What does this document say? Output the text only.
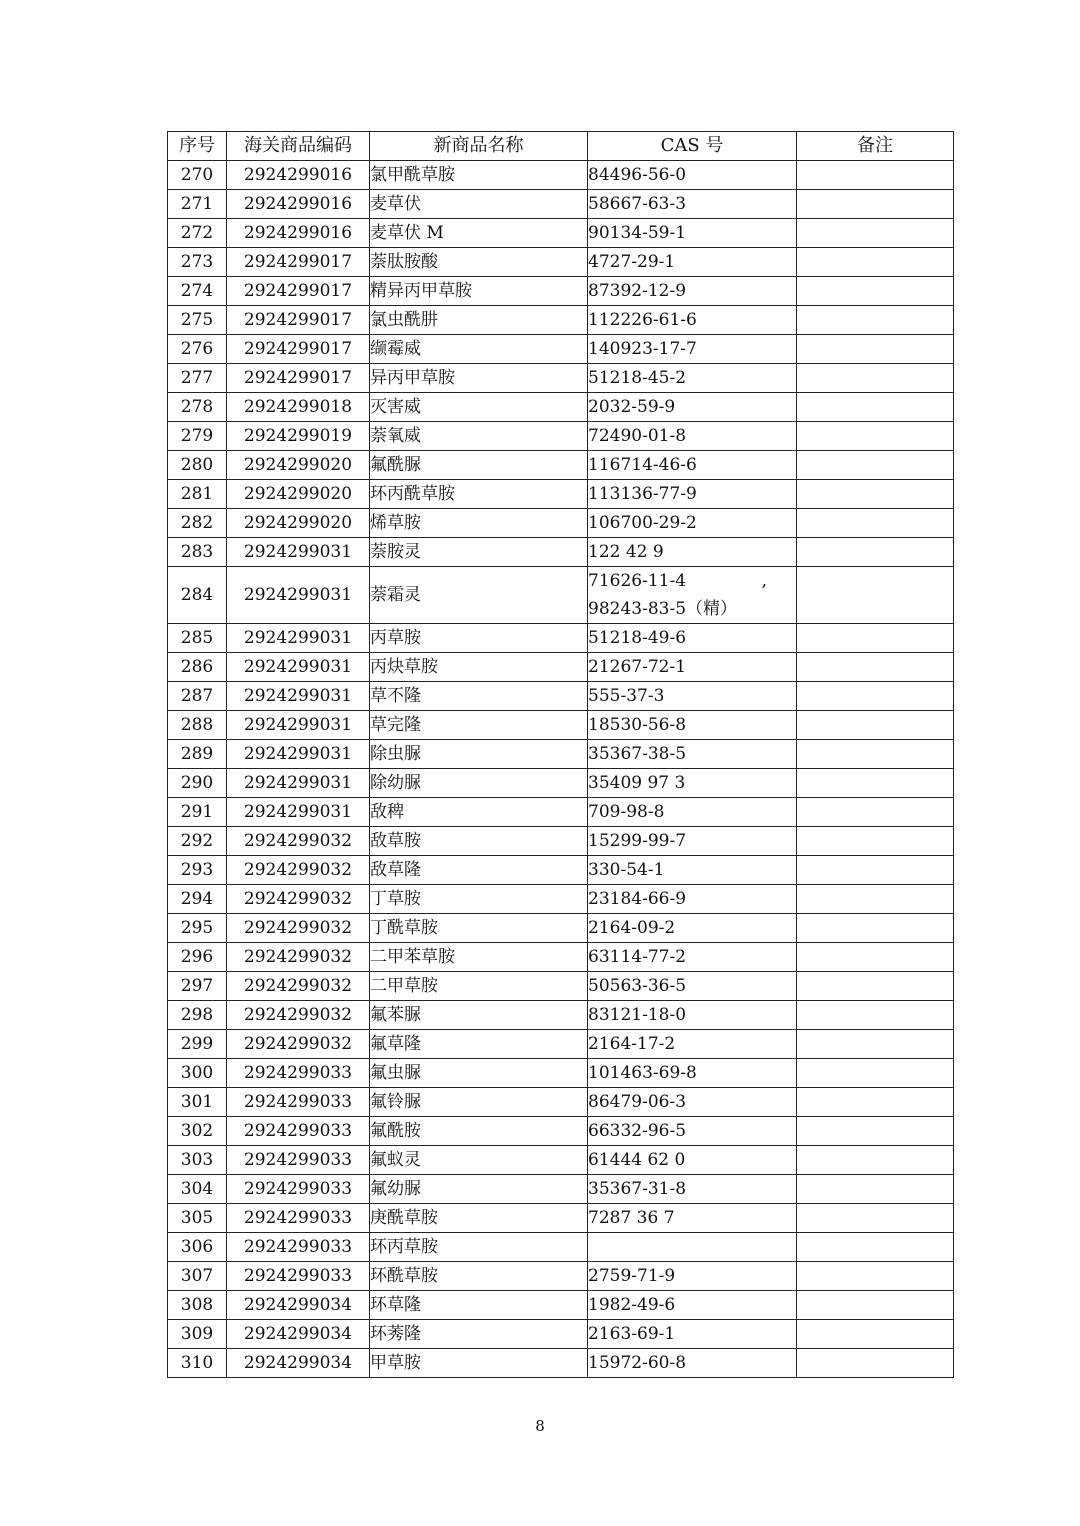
序号	海关商品编码	新商品名称	CAS 号	备注
270	2924299016	氯甲酰草胺	84496-56-0	
271	2924299016	麦草伏	58667-63-3	
272	2924299016	麦草伏 M	90134-59-1	
273	2924299017	萘肽胺酸	4727-29-1	
274	2924299017	精异丙甲草胺	87392-12-9	
275	2924299017	氯虫酰肼	112226-61-6	
276	2924299017	缬霉威	140923-17-7	
277	2924299017	异丙甲草胺	51218-45-2	
278	2924299018	灭害威	2032-59-9	
279	2924299019	萘氧威	72490-01-8	
280	2924299020	氟酰脲	116714-46-6	
281	2924299020	环丙酰草胺	113136-77-9	
282	2924299020	烯草胺	106700-29-2	
283	2924299031	萘胺灵	122 42 9	
284	2924299031	萘霜灵	71626-11-4              ,
98243-83-5（精）	

285	2924299031	丙草胺	51218-49-6	
286	2924299031	丙炔草胺	21267-72-1	
287	2924299031	草不隆	555-37-3	
288	2924299031	草完隆	18530-56-8	
289	2924299031	除虫脲	35367-38-5	
290	2924299031	除幼脲	35409 97 3	
291	2924299031	敌稗	709-98-8	
292	2924299032	敌草胺	15299-99-7	
293	2924299032	敌草隆	330-54-1	
294	2924299032	丁草胺	23184-66-9	
295	2924299032	丁酰草胺	2164-09-2	
296	2924299032	二甲苯草胺	63114-77-2	
297	2924299032	二甲草胺	50563-36-5	
298	2924299032	氟苯脲	83121-18-0	
299	2924299032	氟草隆	2164-17-2	
300	2924299033	氟虫脲	101463-69-8	
301	2924299033	氟铃脲	86479-06-3	
302	2924299033	氟酰胺	66332-96-5	
303	2924299033	氟蚁灵	61444 62 0	
304	2924299033	氟幼脲	35367-31-8	
305	2924299033	庚酰草胺	7287 36 7	
306	2924299033	环丙草胺		
307	2924299033	环酰草胺	2759-71-9	
308	2924299034	环草隆	1982-49-6	
309	2924299034	环莠隆	2163-69-1	
310	2924299034	甲草胺	15972-60-8	
8
